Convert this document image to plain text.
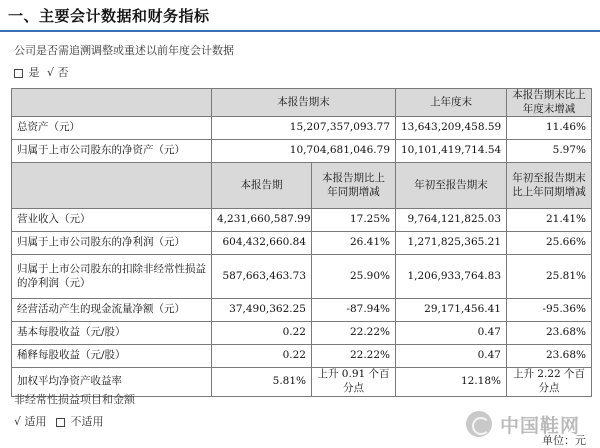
一、主要会计数据和财务指标
公司是否需追溯调整或重述以前年度会计数据
是 √ 否
	本报告期末		上年度末	本报告期末比上年度末增减
总资产（元）	15,207,357,093.77		13,643,209,458.59	11.46%
归属于上市公司股东的净资产（元）	10,704,681,046.79		10,101,419,714.54	5.97%
	本报告期	本报告期比上年同期增减	年初至报告期末	年初至报告期末比上年同期增减
营业收入（元）	4,231,660,587.99	17.25%	9,764,121,825.03	21.41%
归属于上市公司股东的净利润（元）	604,432,660.84	26.41%	1,271,825,365.21	25.66%
归属于上市公司股东的扣除非经常性损益的净利润（元）	587,663,463.73	25.90%	1,206,933,764.83	25.81%
经营活动产生的现金流量净额（元）	37,490,362.25	-87.94%	29,171,456.41	-95.36%
基本每股收益（元/股）	0.22	22.22%	0.47	23.68%
稀释每股收益（元/股）	0.22	22.22%	0.47	23.68%
加权平均净资产收益率	5.81%	上升 0.91 个百分点	12.18%	上升 2.22 个百分点
非经常性损益项目和金额
√ 适用 不适用	中国鞋网
单位：元
